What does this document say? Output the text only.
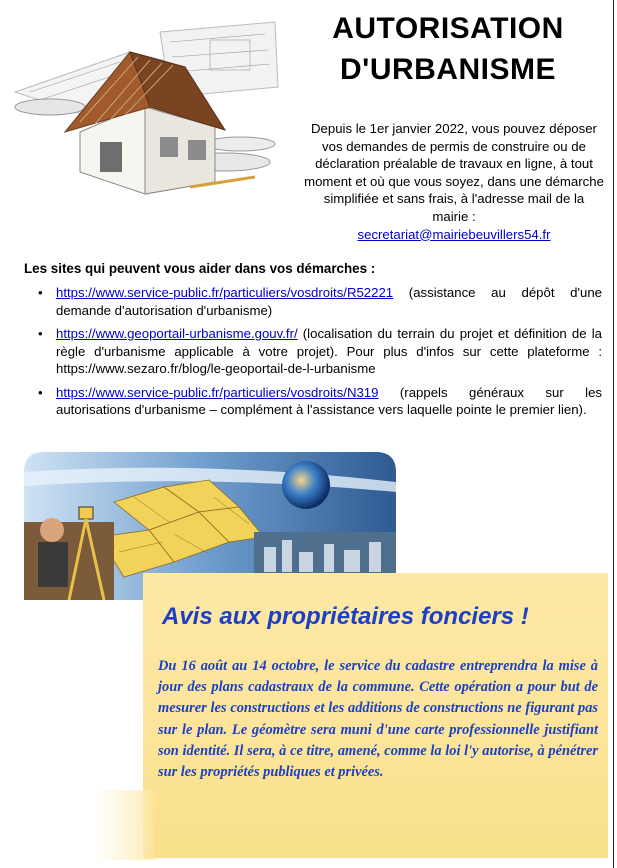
AUTORISATION
D'URBANISME
Depuis le 1er janvier 2022, vous pouvez déposer vos demandes de permis de construire ou de déclaration préalable de travaux en ligne, à tout moment et où que vous soyez, dans une démarche simplifiée et sans frais, à l'adresse mail de la mairie :
secretariat@mairiebeuvillers54.fr
Les sites qui peuvent vous aider dans vos démarches :
• https://www.service-public.fr/particuliers/vosdroits/R52221 (assistance au dépôt d'une demande d'autorisation d'urbanisme)
• https://www.geoportail-urbanisme.gouv.fr/ (localisation du terrain du projet et définition de la règle d'urbanisme applicable à votre projet). Pour plus d'infos sur cette plateforme : https://www.sezaro.fr/blog/le-geoportail-de-l-urbanisme
• https://www.service-public.fr/particuliers/vosdroits/N319 (rappels généraux sur les autorisations d'urbanisme – complément à l'assistance vers laquelle pointe le premier lien).
Avis aux propriétaires fonciers !
Du 16 août au 14 octobre, le service du cadastre entreprendra la mise à jour des plans cadastraux de la commune. Cette opération a pour but de mesurer les constructions et les additions de constructions ne figurant pas sur le plan. Le géomètre sera muni d'une carte professionnelle justifiant son identité. Il sera, à ce titre, amené, comme la loi l'y autorise, à pénétrer sur les propriétés publiques et privées.
